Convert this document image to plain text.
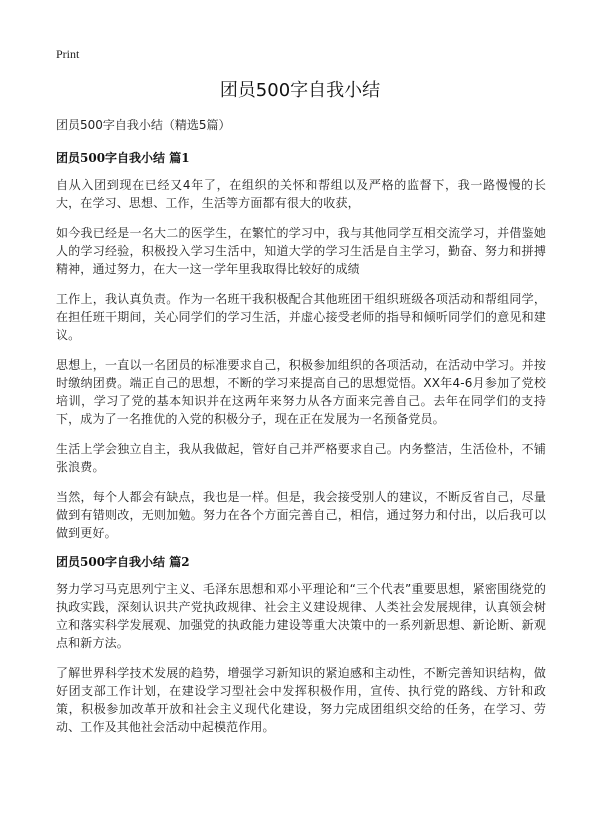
Print
团员500字自我小结

团员500字自我小结（精选5篇）

团员500字自我小结 篇1

自从入团到现在已经又4年了，在组织的关怀和帮组以及严格的监督下，我一路慢慢的长大，在学习、思想、工作，生活等方面都有很大的收获，

如今我已经是一名大二的医学生，在繁忙的学习中，我与其他同学互相交流学习，并借鉴她人的学习经验，积极投入学习生活中，知道大学的学习生活是自主学习，勤奋、努力和拼搏精神，通过努力，在大一这一学年里我取得比较好的成绩

工作上，我认真负责。作为一名班干我积极配合其他班团干组织班级各项活动和帮组同学，在担任班干期间，关心同学们的学习生活，并虚心接受老师的指导和倾听同学们的意见和建议。

思想上，一直以一名团员的标准要求自己，积极参加组织的各项活动，在活动中学习。并按时缴纳团费。端正自己的思想，不断的学习来提高自己的思想觉悟。XX年4-6月参加了党校培训，学习了党的基本知识并在这两年来努力从各方面来完善自己。去年在同学们的支持下，成为了一名推优的入党的积极分子，现在正在发展为一名预备党员。

生活上学会独立自主，我从我做起，管好自己并严格要求自己。内务整洁，生活俭朴，不铺张浪费。

当然，每个人都会有缺点，我也是一样。但是，我会接受别人的建议，不断反省自己，尽量做到有错则改，无则加勉。努力在各个方面完善自己，相信，通过努力和付出，以后我可以做到更好。

团员500字自我小结 篇2

努力学习马克思列宁主义、毛泽东思想和邓小平理论和“三个代表”重要思想，紧密围绕党的执政实践，深刻认识共产党执政规律、社会主义建设规律、人类社会发展规律，认真领会树立和落实科学发展观、加强党的执政能力建设等重大决策中的一系列新思想、新论断、新观点和新方法。

了解世界科学技术发展的趋势，增强学习新知识的紧迫感和主动性，不断完善知识结构，做好团支部工作计划，在建设学习型社会中发挥积极作用，宣传、执行党的路线、方针和政策，积极参加改革开放和社会主义现代化建设，努力完成团组织交给的任务，在学习、劳动、工作及其他社会活动中起模范作用。
